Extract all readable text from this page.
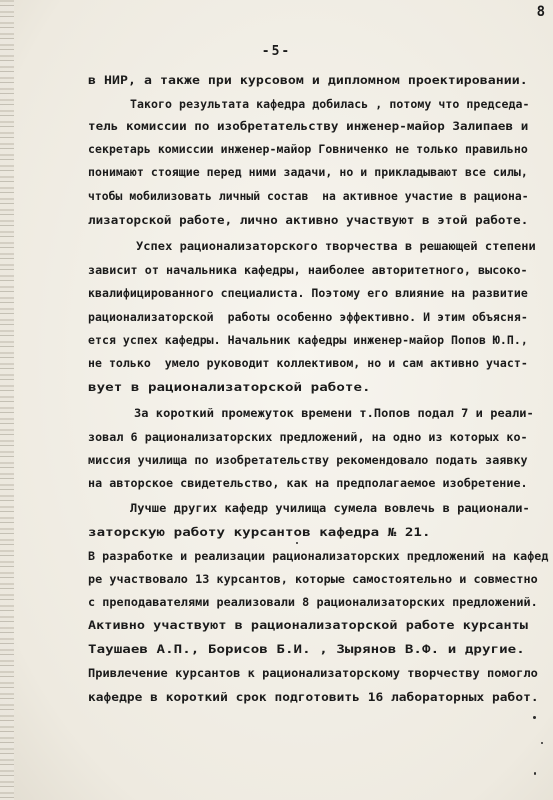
8
-5-
в НИР, а также при курсовом и дипломном проектировании.
Такого результата кафедра добилась , потому что председа-
тель комиссии по изобретательству инженер-майор Залипаев и
секретарь комиссии инженер-майор Говниченко не только правильно
понимают стоящие перед ними задачи, но и прикладывают все силы,
чтобы мобилизовать личный состав  на активное участие в рациона-
лизаторской работе, лично активно участвуют в этой работе.
Успех рационализаторского творчества в решающей степени
зависит от начальника кафедры, наиболее авторитетного, высоко-
квалифицированного специалиста. Поэтому его влияние на развитие
рационализаторской  работы особенно эффективно. И этим объясня-
ется успех кафедры. Начальник кафедры инженер-майор Попов Ю.П.,
не только  умело руководит коллективом, но и сам активно участ-
вует в рационализаторской работе.
За короткий промежуток времени т.Попов подал 7 и реали-
зовал 6 рационализаторских предложений, на одно из которых ко-
миссия училища по изобретательству рекомендовало подать заявку
на авторское свидетельство, как на предполагаемое изобретение.
Лучше других кафедр училища сумела вовлечь в рационали-
заторскую работу курсантов кафедра № 21.
В разработке и реализации рационализаторских предложений на кафед
ре участвовало 13 курсантов, которые самостоятельно и совместно
с преподавателями реализовали 8 рационализаторских предложений.
Активно участвуют в рационализаторской работе курсанты
Таушаев А.П., Борисов Б.И. , Зырянов В.Ф. и другие.
Привлечение курсантов к рационализаторскому творчеству помогло
кафедре в короткий срок подготовить 16 лабораторных работ.
